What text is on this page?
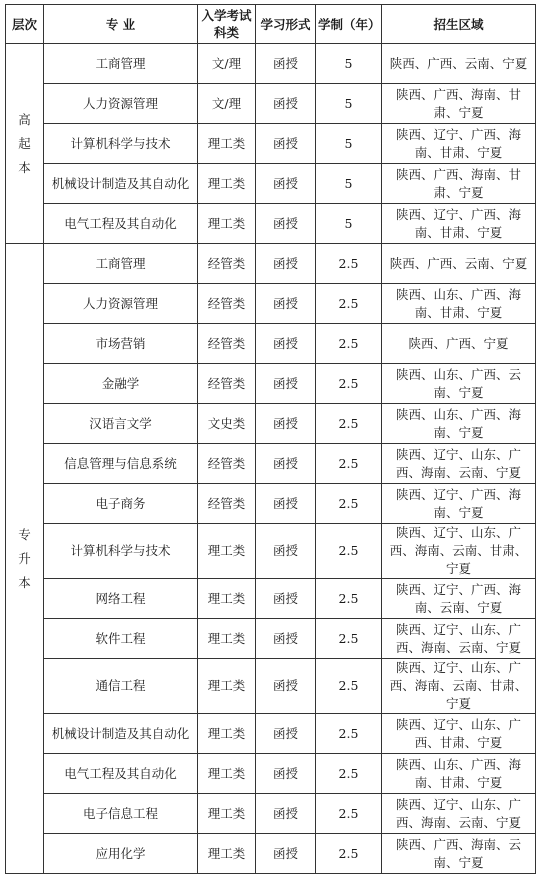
层次	专 业	入学考试科类	学习形式	学制（年）	招生区域

高起本	工商管理	文/理	函授	5	陕西、广西、云南、宁夏
	人力资源管理	文/理	函授	5	陕西、广西、海南、甘肃、宁夏
	计算机科学与技术	理工类	函授	5	陕西、辽宁、广西、海南、甘肃、宁夏
	机械设计制造及其自动化	理工类	函授	5	陕西、广西、海南、甘肃、宁夏
	电气工程及其自动化	理工类	函授	5	陕西、辽宁、广西、海南、甘肃、宁夏

专升本	工商管理	经管类	函授	2.5	陕西、广西、云南、宁夏
	人力资源管理	经管类	函授	2.5	陕西、山东、广西、海南、甘肃、宁夏
	市场营销	经管类	函授	2.5	陕西、广西、宁夏
	金融学	经管类	函授	2.5	陕西、山东、广西、云南、宁夏
	汉语言文学	文史类	函授	2.5	陕西、山东、广西、海南、宁夏
	信息管理与信息系统	经管类	函授	2.5	陕西、辽宁、山东、广西、海南、云南、宁夏
	电子商务	经管类	函授	2.5	陕西、辽宁、广西、海南、宁夏
	计算机科学与技术	理工类	函授	2.5	陕西、辽宁、山东、广西、海南、云南、甘肃、宁夏
	网络工程	理工类	函授	2.5	陕西、辽宁、广西、海南、云南、宁夏
	软件工程	理工类	函授	2.5	陕西、辽宁、山东、广西、海南、云南、宁夏
	通信工程	理工类	函授	2.5	陕西、辽宁、山东、广西、海南、云南、甘肃、宁夏
	机械设计制造及其自动化	理工类	函授	2.5	陕西、辽宁、山东、广西、甘肃、宁夏
	电气工程及其自动化	理工类	函授	2.5	陕西、山东、广西、海南、甘肃、宁夏
	电子信息工程	理工类	函授	2.5	陕西、辽宁、山东、广西、海南、云南、宁夏
	应用化学	理工类	函授	2.5	陕西、广西、海南、云南、宁夏
